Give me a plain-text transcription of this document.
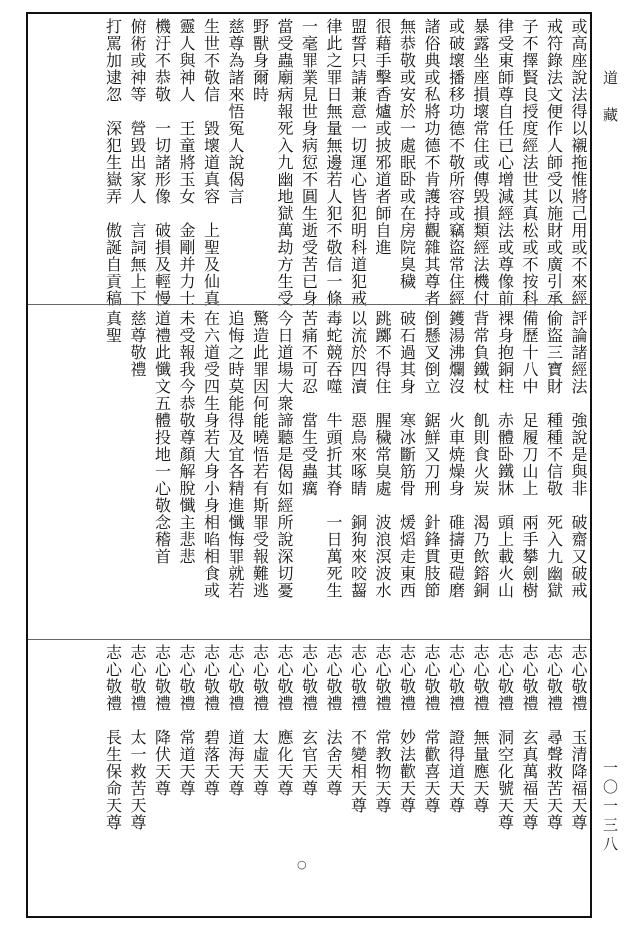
或高座說法得以襯拖惟將己用或不來經
戒符錄法文便作人師受以施財或廣引承
子不擇賢良授度經法世其真松或不按科
律受東師尊自任已心增減經法或尊像前
暴露坐座損壞常住或傳毁損類經法機付
或破壞播移功德不敬所容或竊盜常住經
諸俗典或私將功德不肯護持觀雜其尊者
無恭敬或安於一處眠卧或在房院臭穢
很藉手擊香爐或披邪道者師自進
盟誓只請兼意一切運心皆犯明科道犯戒
律此之罪日無量無邊若人犯不敬信一條
一毫罪業見世身病愆不圓生逝受苦已身
當受蟲廟病報死入九幽地獄萬劫方生受
野獸身爾時
慈尊為諸來悟冤人說偈言
生世不敬信　毀壞道真容　上聖及仙真
靈人與神人　王童將玉女　金剛并力士
機汙不恭敬　一切諸形像　破損及輕慢
俯術或神等　營毀出家人　言詞無上下
打罵加逮忽　深犯生嶽弄　傲誕自貢稿
評論諸經法　強說是與非　破齋又破戒
偷盜三寶財　種種不信敬　死入九幽獄
備歷十八中　足履刀山上　兩手攀劍樹
裸身抱銅柱　赤體卧鐵牀　頭上載火山
背常負鐵杖　飢則食火炭　渴乃飲鎔銅
鑊湯沸爛沒　火車焼燥身　碓擣更磑磨
倒懸叉倒立　鋸鮮又刀刑　針鋒貫肢節
破石過其身　寒冰斷筋骨　煖熖走東西
跳躑不得住　腥穢常臭處　波浪溟波水
以流於四瀆　惡鳥來啄睛　銅狗來咬齧
毒蛇競吞噬　牛頭折其脊　一日萬死生
苦痛不可忍　當生受蟲癘
今日道場大衆諦聽是偈如經所說深切憂
驚造此罪因何能曉悟若有斯罪受報難逃
追悔之時莫能得及宜各精進懺悔罪就若
在六道受四生身若大身小身相啗相食或
未受報我今恭敬尊顏解脫懺主悲悲
道禮此懺文五體投地一心敬念稽首
慈尊敬禮
真聖
志心敬禮　玉清降福天尊
志心敬禮　尋聲救苦天尊
志心敬禮　玄真萬福天尊
志心敬禮　洞空化號天尊
志心敬禮　無量應天尊
志心敬禮　證得道天尊
志心敬禮　常歡喜天尊
志心敬禮　妙法歡天尊
志心敬禮　常教物天尊
志心敬禮　不變相天尊
志心敬禮　法舍天尊
志心敬禮　玄官天尊
志心敬禮　應化天尊
志心敬禮　太虛天尊
志心敬禮　道海天尊
志心敬禮　碧落天尊
志心敬禮　常道天尊
志心敬禮　降伏天尊
志心敬禮　太一救苦天尊
志心敬禮　長生保命天尊
道藏
一〇一三八
○
